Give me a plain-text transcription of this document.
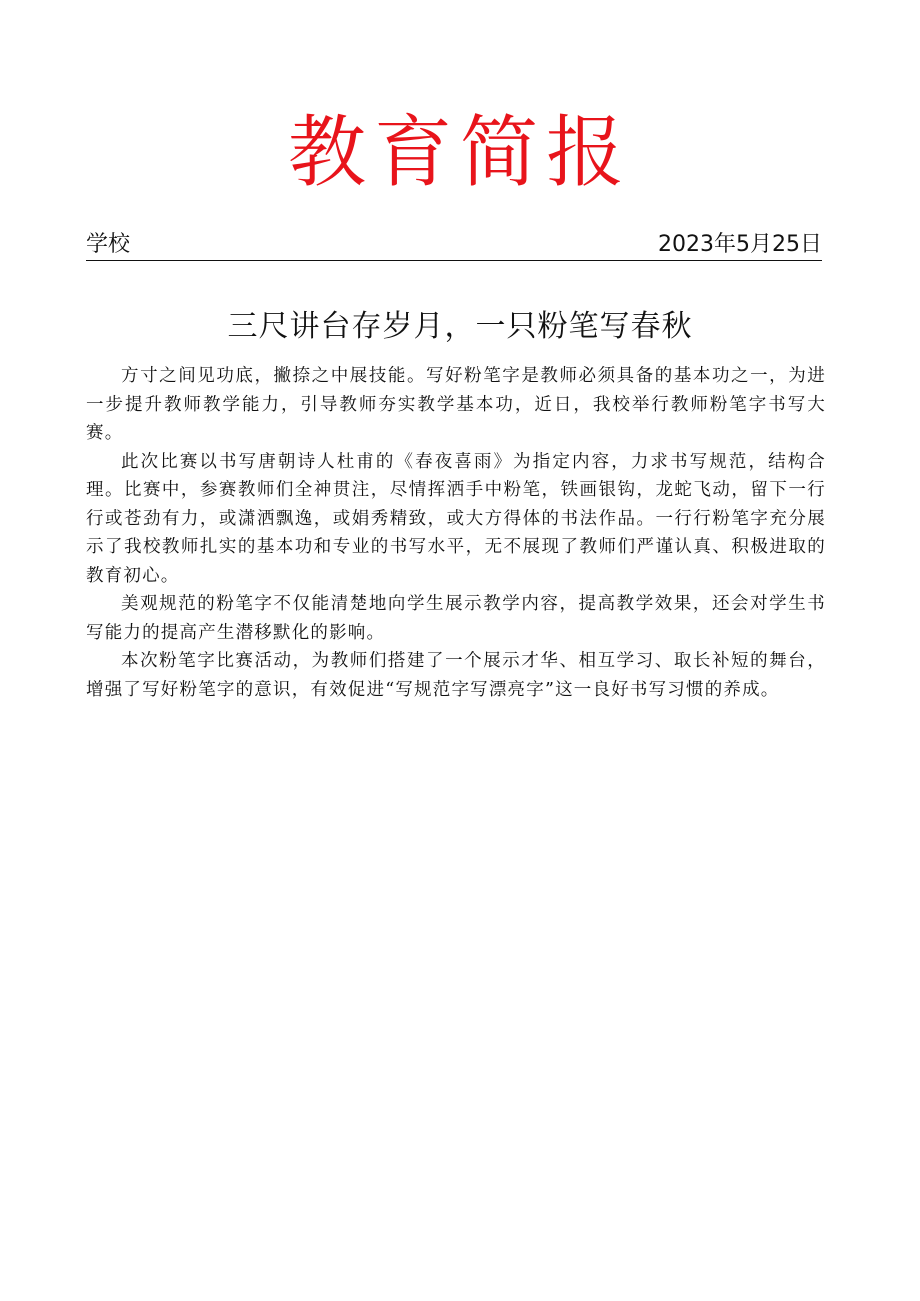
教育简报
学校	2023年5月25日
三尺讲台存岁月，一只粉笔写春秋

方寸之间见功底，撇捺之中展技能。写好粉笔字是教师必须具备的基本功之一，为进一步提升教师教学能力，引导教师夯实教学基本功，近日，我校举行教师粉笔字书写大赛。

此次比赛以书写唐朝诗人杜甫的《春夜喜雨》为指定内容，力求书写规范，结构合理。比赛中，参赛教师们全神贯注，尽情挥洒手中粉笔，铁画银钩，龙蛇飞动，留下一行行或苍劲有力，或潇洒飘逸，或娟秀精致，或大方得体的书法作品。一行行粉笔字充分展示了我校教师扎实的基本功和专业的书写水平，无不展现了教师们严谨认真、积极进取的教育初心。

美观规范的粉笔字不仅能清楚地向学生展示教学内容，提高教学效果，还会对学生书写能力的提高产生潜移默化的影响。

本次粉笔字比赛活动，为教师们搭建了一个展示才华、相互学习、取长补短的舞台，增强了写好粉笔字的意识，有效促进“写规范字写漂亮字”这一良好书写习惯的养成。
